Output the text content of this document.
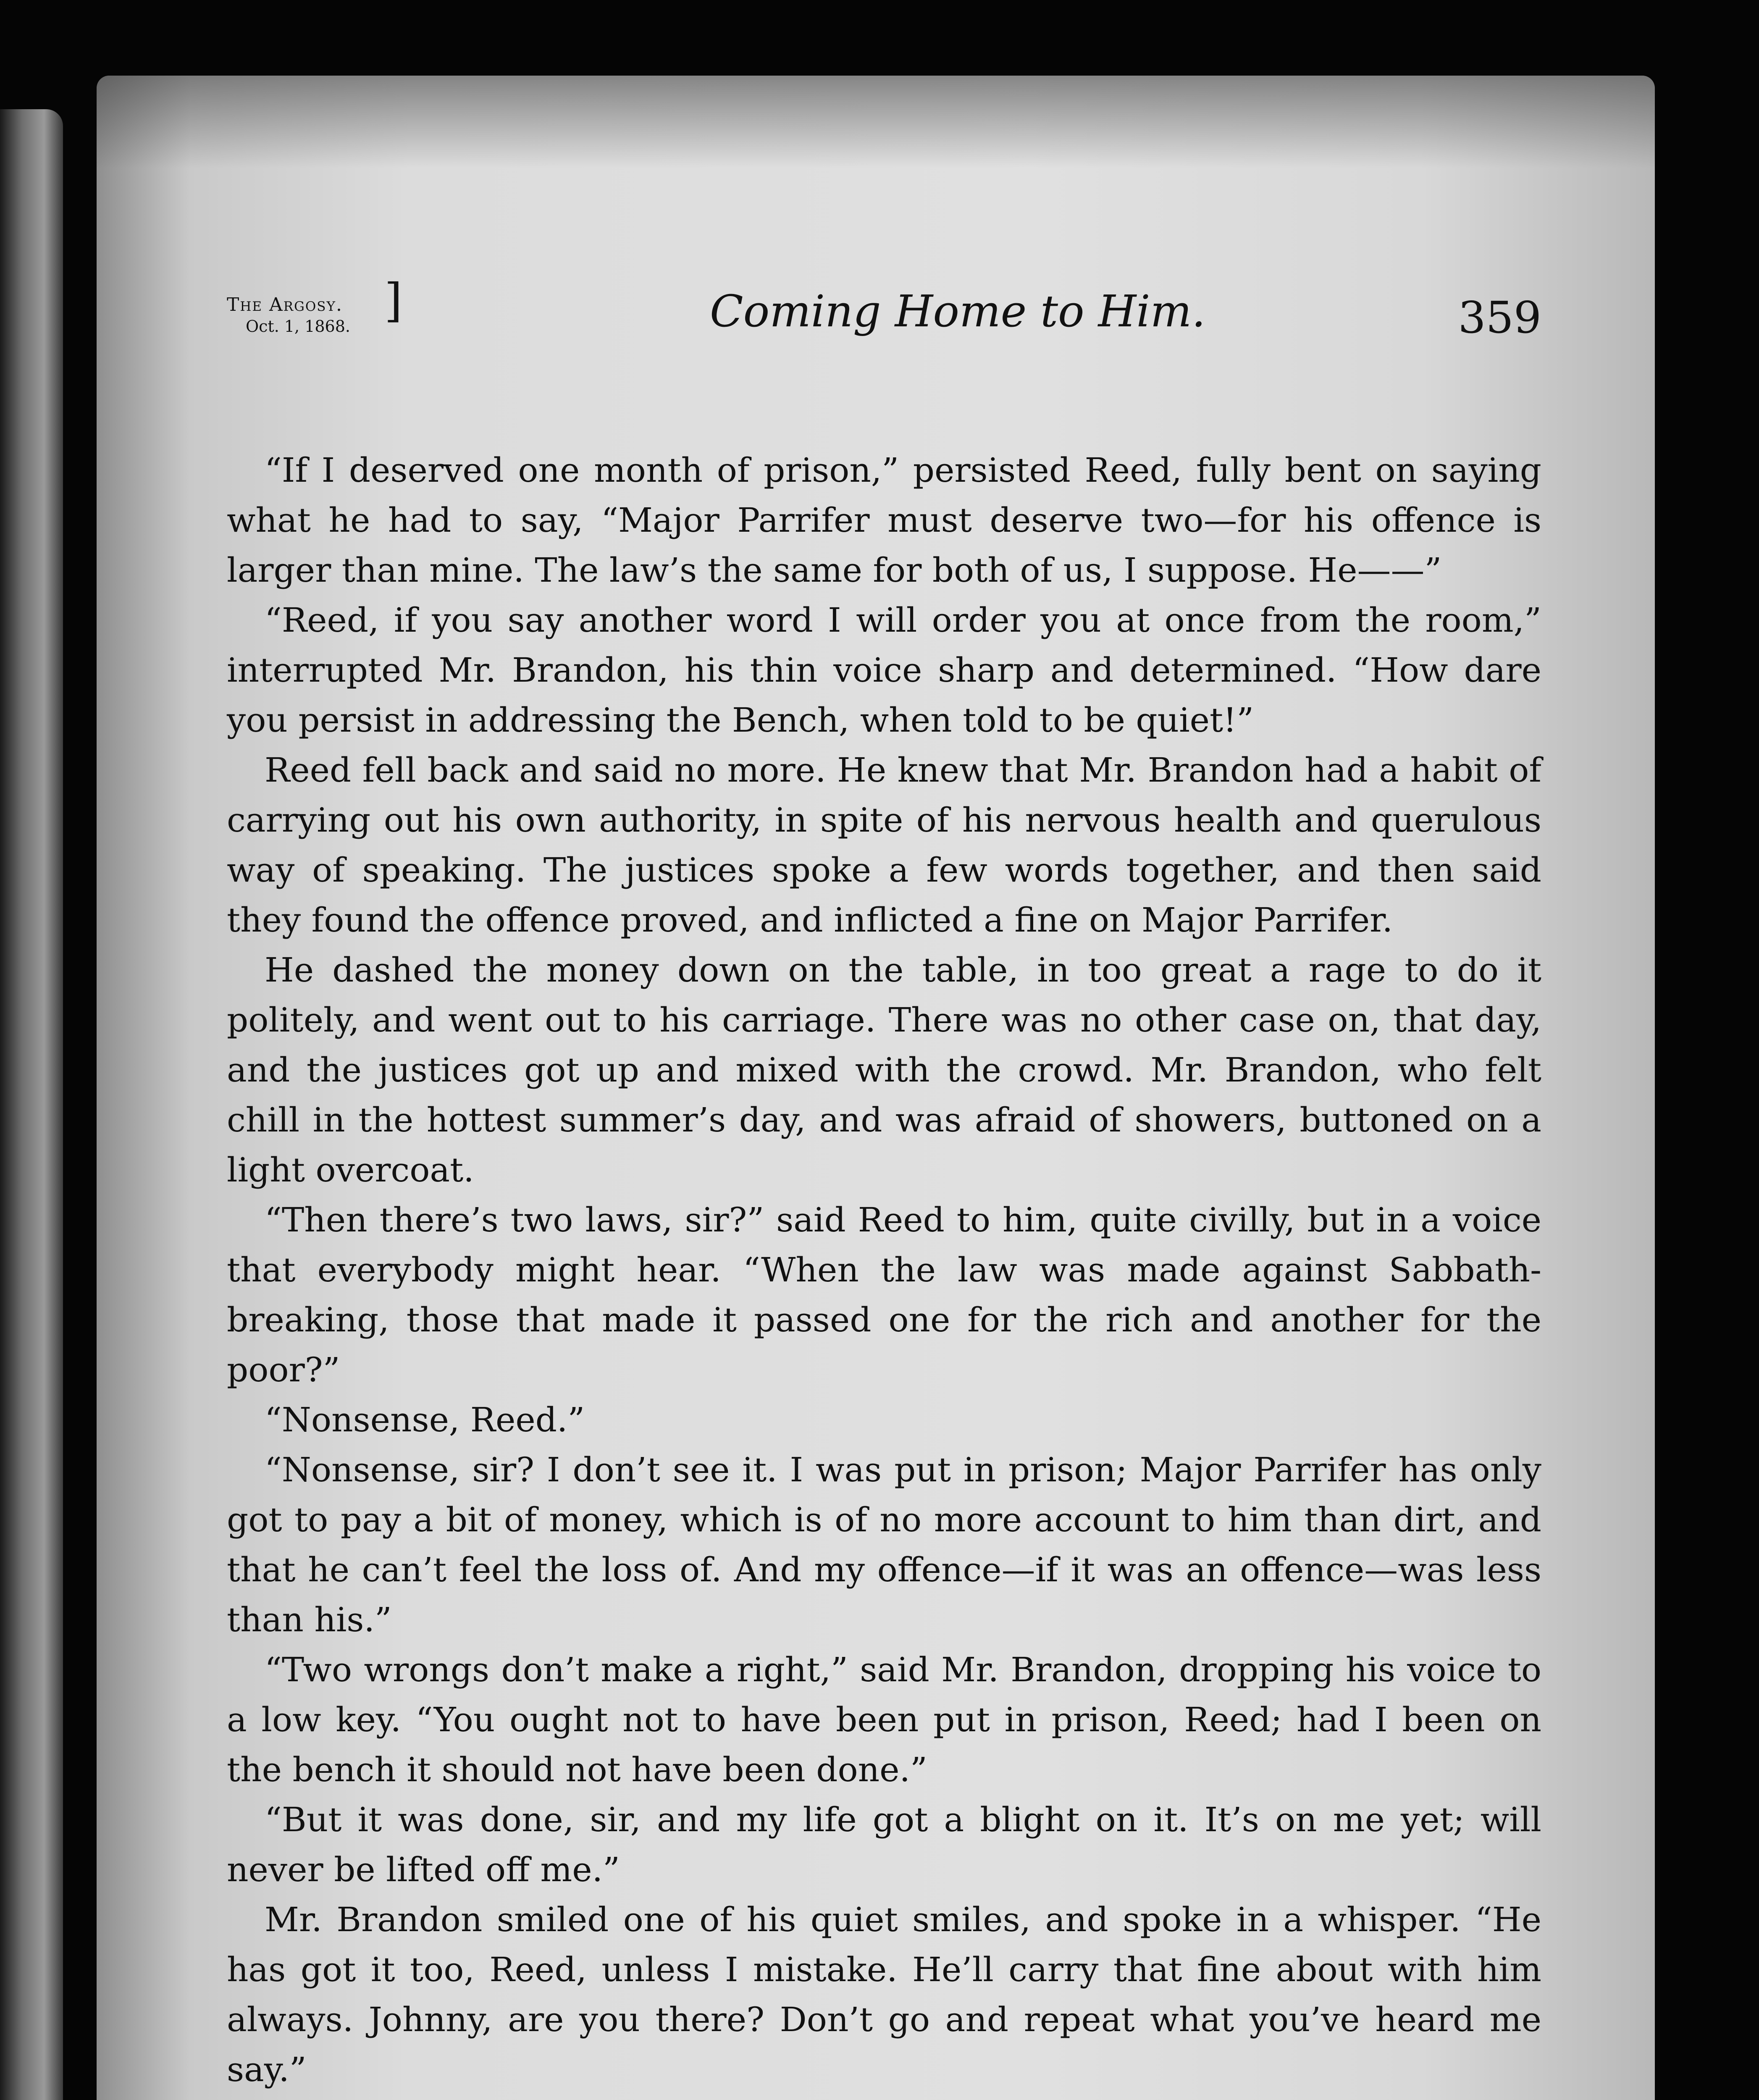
The Argosy.
Oct. 1, 1868. ]	Coming Home to Him.	359

“If I deserved one month of prison,” persisted Reed, fully bent on saying what he had to say, “Major Parrifer must deserve two—for his offence is larger than mine. The law’s the same for both of us, I suppose. He——”

“Reed, if you say another word I will order you at once from the room,” interrupted Mr. Brandon, his thin voice sharp and determined. “How dare you persist in addressing the Bench, when told to be quiet!”

Reed fell back and said no more. He knew that Mr. Brandon had a habit of carrying out his own authority, in spite of his nervous health and querulous way of speaking. The justices spoke a few words together, and then said they found the offence proved, and inflicted a fine on Major Parrifer.

He dashed the money down on the table, in too great a rage to do it politely, and went out to his carriage. There was no other case on, that day, and the justices got up and mixed with the crowd. Mr. Brandon, who felt chill in the hottest summer’s day, and was afraid of showers, buttoned on a light overcoat.

“Then there’s two laws, sir?” said Reed to him, quite civilly, but in a voice that everybody might hear. “When the law was made against Sabbath-breaking, those that made it passed one for the rich and another for the poor?”

“Nonsense, Reed.”

“Nonsense, sir? I don’t see it. I was put in prison; Major Parrifer has only got to pay a bit of money, which is of no more account to him than dirt, and that he can’t feel the loss of. And my offence—if it was an offence—was less than his.”

“Two wrongs don’t make a right,” said Mr. Brandon, dropping his voice to a low key. “You ought not to have been put in prison, Reed; had I been on the bench it should not have been done.”

“But it was done, sir, and my life got a blight on it. It’s on me yet; will never be lifted off me.”

Mr. Brandon smiled one of his quiet smiles, and spoke in a whisper. “He has got it too, Reed, unless I mistake. He’ll carry that fine about with him always. Johnny, are you there? Don’t go and repeat what you’ve heard me say.”
